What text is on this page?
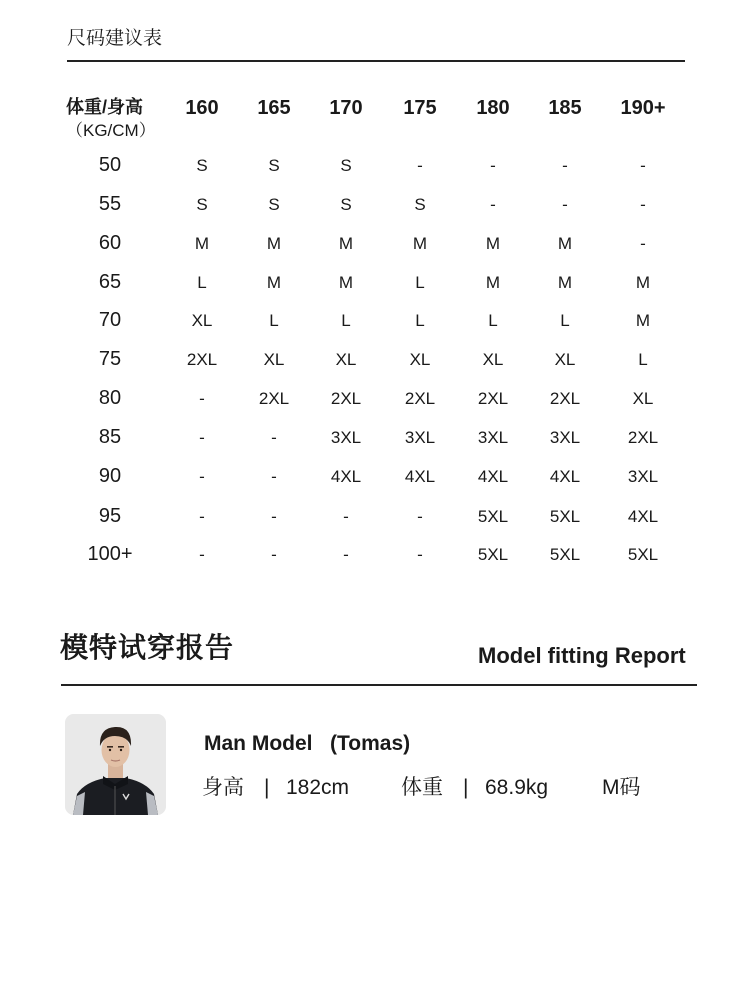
尺码建议表
体重/身高
（KG/CM）
160	165	170	175	180	185	190+
50	S	S	S	-	-	-	-
55	S	S	S	S	-	-	-
60	M	M	M	M	M	M	-
65	L	M	M	L	M	M	M
70	XL	L	L	L	L	L	M
75	2XL	XL	XL	XL	XL	XL	L
80	-	2XL	2XL	2XL	2XL	2XL	XL
85	-	-	3XL	3XL	3XL	3XL	2XL
90	-	-	4XL	4XL	4XL	4XL	3XL
95	-	-	-	-	5XL	5XL	4XL
100+	-	-	-	-	5XL	5XL	5XL
模特试穿报告	Model fitting Report
Man Model   (Tomas)

身高

|

182cm

体重

|

68.9kg

	M码
